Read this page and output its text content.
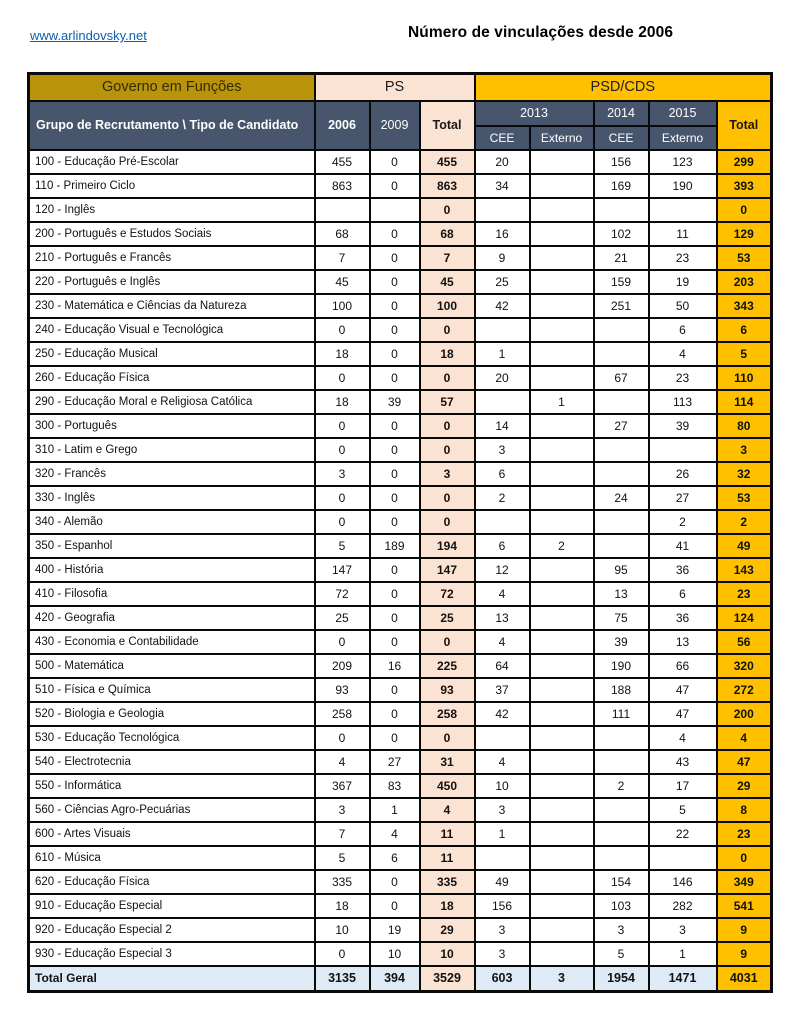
www.arlindovsky.net	Número de vinculações desde 2006
Governo em Funções	PS			PSD/CDS				
Grupo de Recrutamento \ Tipo de Candidato	2006	2009	Total	2013		2014	2015	Total
				CEE	Externo	CEE	Externo	
100 - Educação Pré-Escolar	455	0	455	20		156	123	299
110 - Primeiro Ciclo	863	0	863	34		169	190	393
120 - Inglês			0					0
200 - Português e Estudos Sociais	68	0	68	16		102	11	129
210 - Português e Francês	7	0	7	9		21	23	53
220 - Português e Inglês	45	0	45	25		159	19	203
230 - Matemática e Ciências da Natureza	100	0	100	42		251	50	343
240 - Educação Visual e Tecnológica	0	0	0				6	6
250 - Educação Musical	18	0	18	1			4	5
260 - Educação Física	0	0	0	20		67	23	110
290 - Educação Moral e Religiosa Católica	18	39	57		1		113	114
300 - Português	0	0	0	14		27	39	80
310 - Latim e Grego	0	0	0	3				3
320 - Francês	3	0	3	6			26	32
330 - Inglês	0	0	0	2		24	27	53
340 - Alemão	0	0	0				2	2
350 - Espanhol	5	189	194	6	2		41	49
400 - História	147	0	147	12		95	36	143
410 - Filosofia	72	0	72	4		13	6	23
420 - Geografia	25	0	25	13		75	36	124
430 - Economia e Contabilidade	0	0	0	4		39	13	56
500 - Matemática	209	16	225	64		190	66	320
510 - Física e Química	93	0	93	37		188	47	272
520 - Biologia e Geologia	258	0	258	42		111	47	200
530 - Educação Tecnológica	0	0	0				4	4
540 - Electrotecnia	4	27	31	4			43	47
550 - Informática	367	83	450	10		2	17	29
560 - Ciências Agro-Pecuárias	3	1	4	3			5	8
600 - Artes Visuais	7	4	11	1			22	23
610 - Música	5	6	11					0
620 - Educação Física	335	0	335	49		154	146	349
910 - Educação Especial	18	0	18	156		103	282	541
920 - Educação Especial 2	10	19	29	3		3	3	9
930 - Educação Especial 3	0	10	10	3		5	1	9
Total Geral	3135	394	3529	603	3	1954	1471	4031
